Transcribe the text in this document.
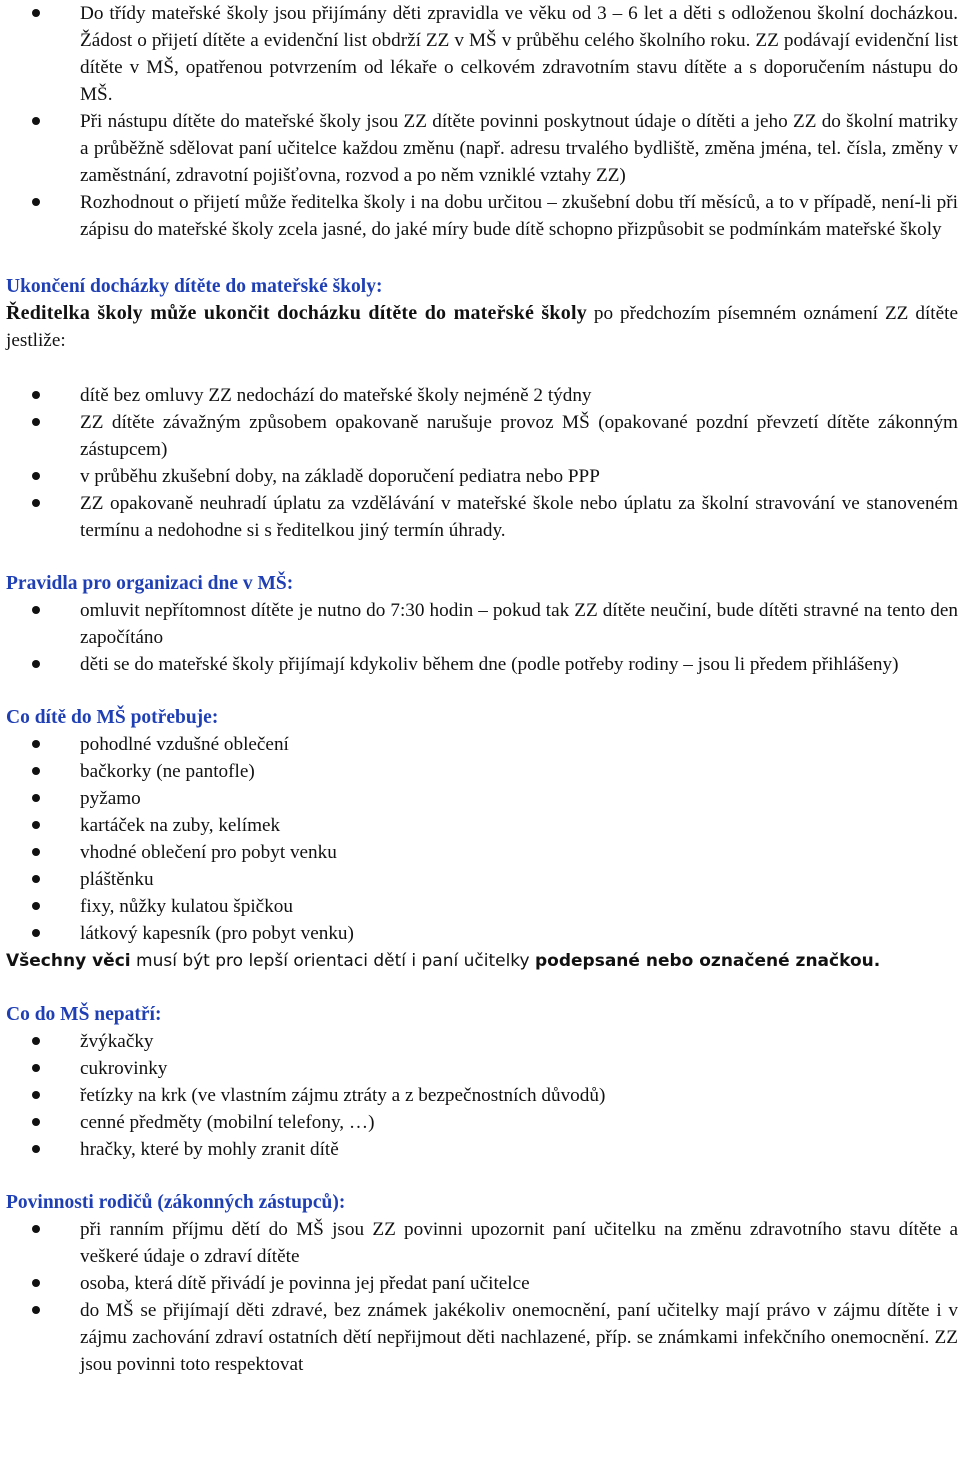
Do třídy mateřské školy jsou přijímány děti zpravidla ve věku od 3 – 6 let a děti s odloženou školní docházkou. Žádost o přijetí dítěte a evidenční list obdrží ZZ v MŠ v průběhu celého školního roku. ZZ podávají evidenční list dítěte v MŠ, opatřenou potvrzením od lékaře o celkovém zdravotním stavu dítěte a s doporučením nástupu do MŠ.
Při nástupu dítěte do mateřské školy jsou ZZ dítěte povinni poskytnout údaje o dítěti a jeho ZZ do školní matriky a průběžně sdělovat paní učitelce každou změnu (např. adresu trvalého bydliště, změna jména, tel. čísla, změny v zaměstnání, zdravotní pojišťovna, rozvod a po něm vzniklé vztahy ZZ)
Rozhodnout o přijetí může ředitelka školy i na dobu určitou – zkušební dobu tří měsíců, a to v případě, není-li při zápisu do mateřské školy zcela jasné, do jaké míry bude dítě schopno přizpůsobit se podmínkám mateřské školy
Ukončení docházky dítěte do mateřské školy:

Ředitelka školy může ukončit docházku dítěte do mateřské školy po předchozím písemném oznámení ZZ dítěte jestliže:

dítě bez omluvy ZZ nedochází do mateřské školy nejméně 2 týdny
ZZ dítěte závažným způsobem opakovaně narušuje provoz MŠ (opakované pozdní převzetí dítěte zákonným zástupcem)
v průběhu zkušební doby, na základě doporučení pediatra nebo PPP
ZZ opakovaně neuhradí úplatu za vzdělávání v mateřské škole nebo úplatu za školní stravování ve stanoveném termínu a nedohodne si s ředitelkou jiný termín úhrady.
Pravidla pro organizaci dne v MŠ:
omluvit nepřítomnost dítěte je nutno do 7:30 hodin – pokud tak ZZ dítěte neučiní, bude dítěti stravné na tento den započítáno
děti se do mateřské školy přijímají kdykoliv během dne (podle potřeby rodiny – jsou li předem přihlášeny)
Co dítě do MŠ potřebuje:
pohodlné vzdušné oblečení
bačkorky (ne pantofle)
pyžamo
kartáček na zuby, kelímek
vhodné oblečení pro pobyt venku
pláštěnku
fixy, nůžky kulatou špičkou
látkový kapesník (pro pobyt venku)

Všechny věci musí být pro lepší orientaci dětí i paní učitelky podepsané nebo označené značkou.

Co do MŠ nepatří:
žvýkačky
cukrovinky
řetízky na krk (ve vlastním zájmu ztráty a z bezpečnostních důvodů)
cenné předměty (mobilní telefony, …)
hračky, které by mohly zranit dítě
Povinnosti rodičů (zákonných zástupců):
při ranním příjmu dětí do MŠ jsou ZZ povinni upozornit paní učitelku na změnu zdravotního stavu dítěte a veškeré údaje o zdraví dítěte
osoba, která dítě přivádí je povinna jej předat paní učitelce
do MŠ se přijímají děti zdravé, bez známek jakékoliv onemocnění, paní učitelky mají právo v zájmu dítěte i v zájmu zachování zdraví ostatních dětí nepřijmout děti nachlazené, příp. se známkami infekčního onemocnění. ZZ jsou povinni toto respektovat
